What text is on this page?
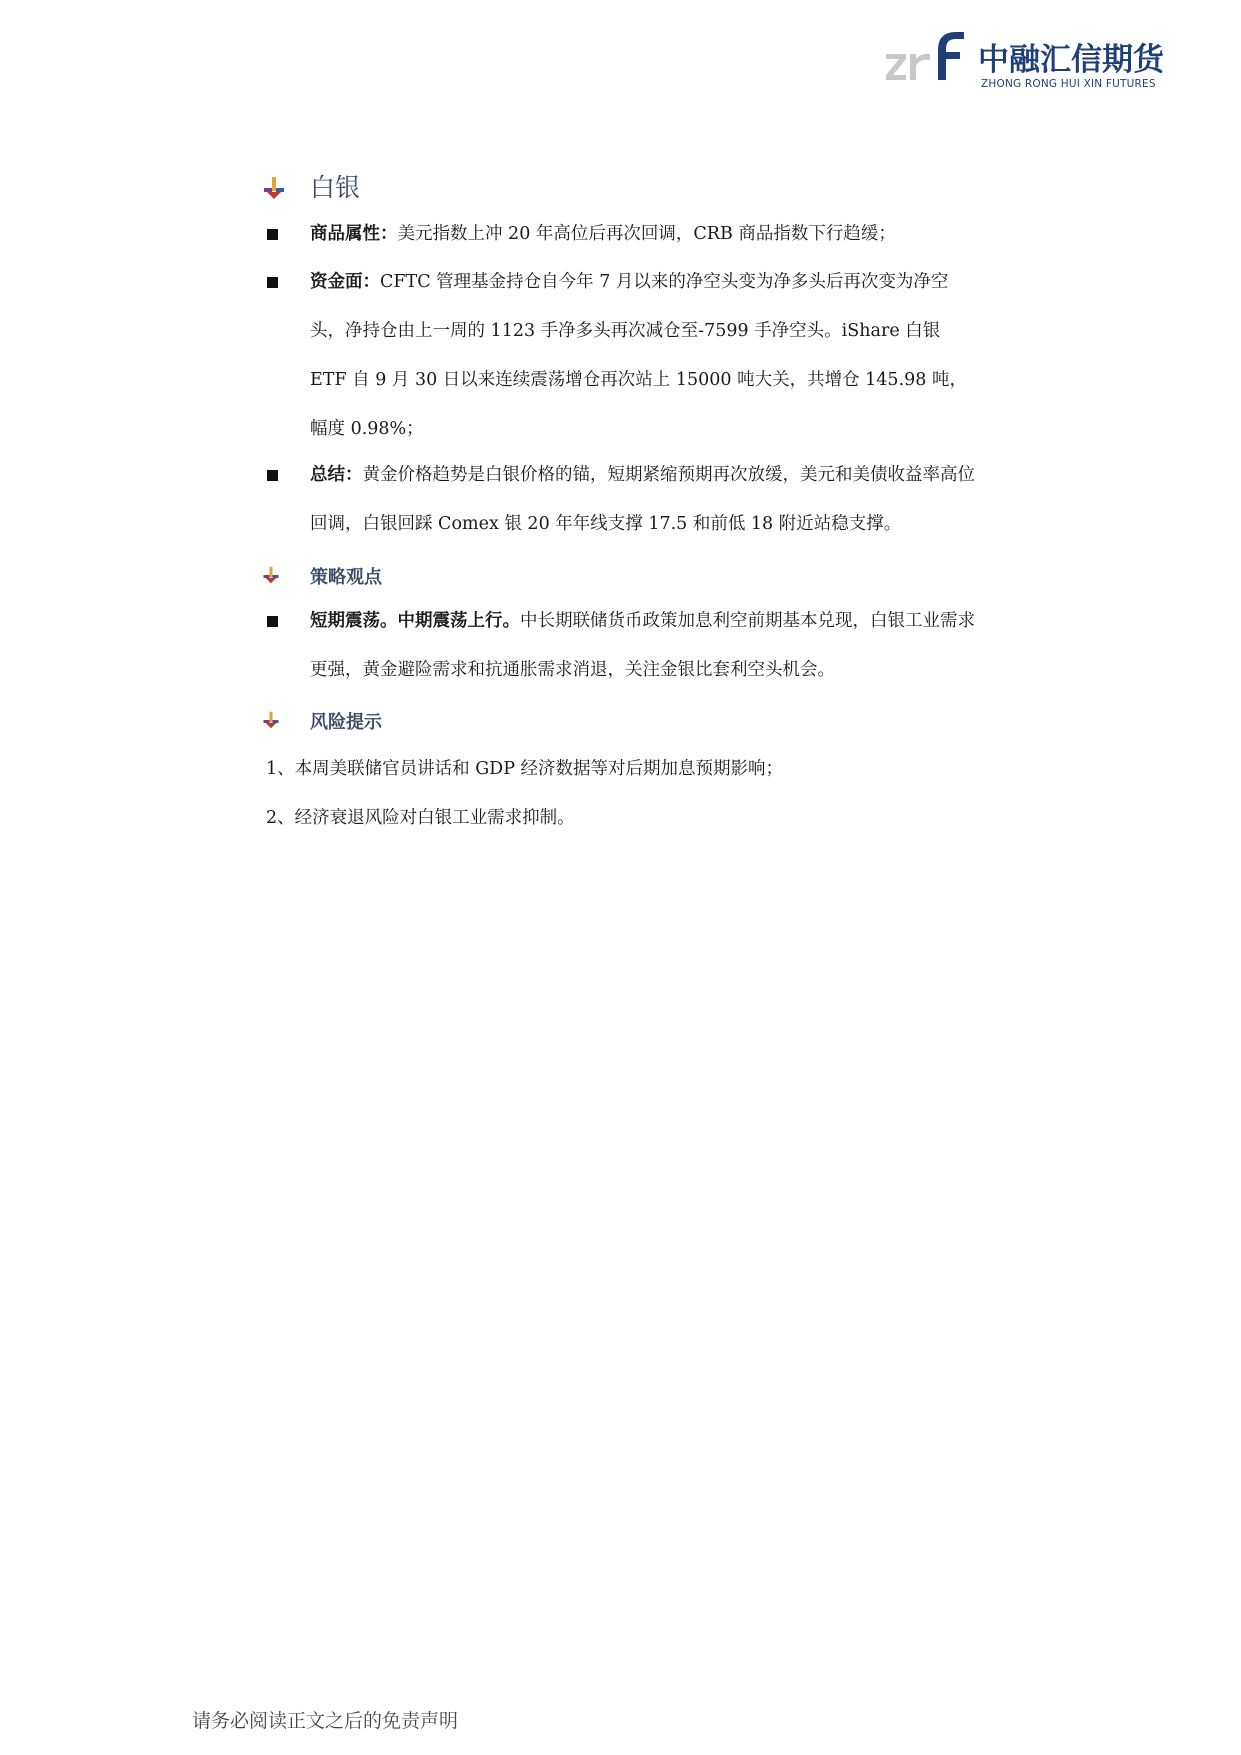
中融汇信期货
ZHONG RONG HUI XIN FUTURES
白银
商品属性：美元指数上冲 20 年高位后再次回调，CRB 商品指数下行趋缓；
资金面：CFTC 管理基金持仓自今年 7 月以来的净空头变为净多头后再次变为净空头，净持仓由上一周的 1123 手净多头再次减仓至-7599 手净空头。iShare 白银 ETF 自 9 月 30 日以来连续震荡增仓再次站上 15000 吨大关，共增仓 145.98 吨，幅度 0.98%；
总结：黄金价格趋势是白银价格的锚，短期紧缩预期再次放缓，美元和美债收益率高位回调，白银回踩 Comex 银 20 年年线支撑 17.5 和前低 18 附近站稳支撑。
策略观点
短期震荡。中期震荡上行。中长期联储货币政策加息利空前期基本兑现，白银工业需求更强，黄金避险需求和抗通胀需求消退，关注金银比套利空头机会。
风险提示
1、本周美联储官员讲话和 GDP 经济数据等对后期加息预期影响；
2、经济衰退风险对白银工业需求抑制。
请务必阅读正文之后的免责声明
